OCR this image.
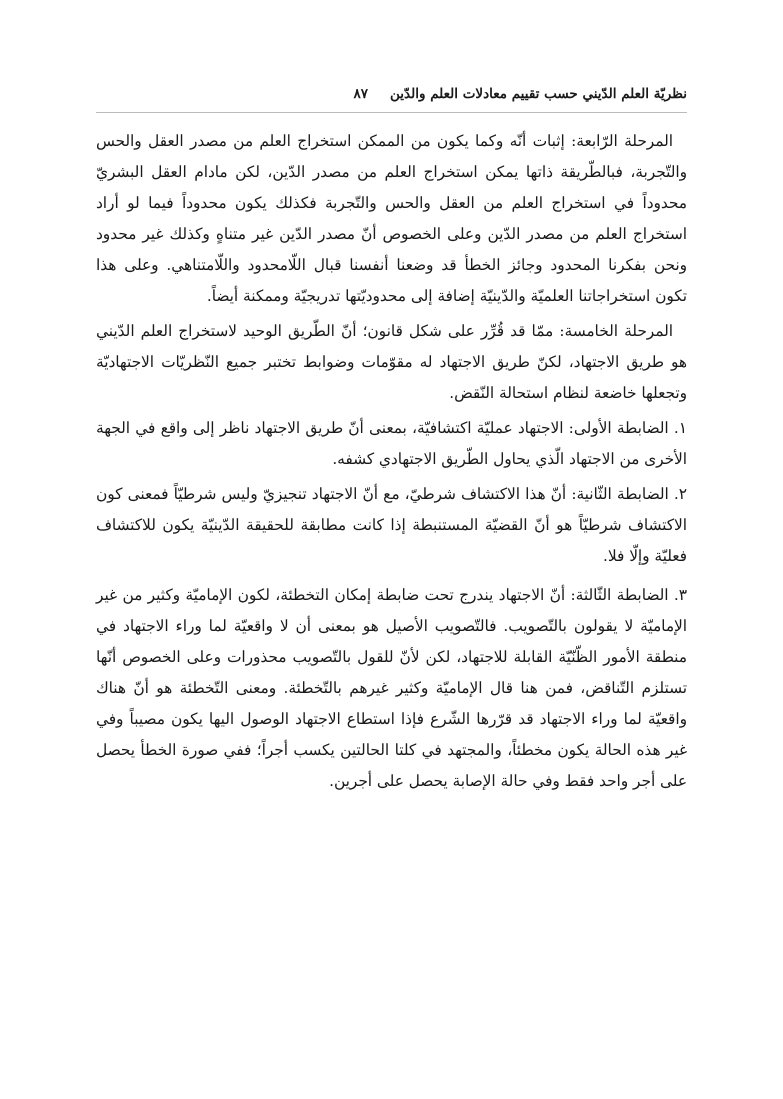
نظريّة العلم الدّيني حسب تقييم معادلات العلم والدّين
٨٧

المرحلة الرّابعة: إثبات أنّه وكما يكون من الممكن استخراج العلم من مصدر العقل والحس والتّجربة، فبالطّريقة ذاتها يمكن استخراج العلم من مصدر الدّين، لكن مادام العقل البشريّ محدوداً في استخراج العلم من العقل والحس والتّجربة فكذلك يكون محدوداً فيما لو أراد استخراج العلم من مصدر الدّين وعلى الخصوص أنّ مصدر الدّين غير متناهٍ وكذلك غير محدود ونحن بفكرنا المحدود وجائز الخطأ قد وضعنا أنفسنا قبال اللّامحدود واللّامتناهي. وعلى هذا تكون استخراجاتنا العلميّة والدّينيّة إضافة إلى محدوديّتها تدريجيّة وممكنة أيضاً.

المرحلة الخامسة: ممّا قد قُرِّر على شكل قانون؛ أنّ الطّريق الوحيد لاستخراج العلم الدّيني هو طريق الاجتهاد، لكنّ طريق الاجتهاد له مقوّمات وضوابط تختبر جميع النّظريّات الاجتهاديّة وتجعلها خاضعة لنظام استحالة النّقض.

١. الضابطة الأولى: الاجتهاد عمليّة اكتشافيّة، بمعنى أنّ طريق الاجتهاد ناظر إلى واقع في الجهة الأخرى من الاجتهاد الّذي يحاول الطّريق الاجتهادي كشفه.

٢. الضابطة الثّانية: أنّ هذا الاكتشاف شرطيّ، مع أنّ الاجتهاد تنجيزيّ وليس شرطيّاً فمعنى كون الاكتشاف شرطيّاً هو أنّ القضيّة المستنبطة إذا كانت مطابقة للحقيقة الدّينيّة يكون للاكتشاف فعليّة وإلّا فلا.

٣. الضابطة الثّالثة: أنّ الاجتهاد يندرج تحت ضابطة إمكان التخطئة، لكون الإماميّة وكثير من غير الإماميّة لا يقولون بالتّصويب. فالتّصويب الأصيل هو بمعنى أن لا واقعيّة لما وراء الاجتهاد في منطقة الأمور الظّنّيّة القابلة للاجتهاد، لكن لأنّ للقول بالتّصويب محذورات وعلى الخصوص أنّها تستلزم التّناقض، فمن هنا قال الإماميّة وكثير غيرهم بالتّخطئة. ومعنى التّخطئة هو أنّ هناك واقعيّة لما وراء الاجتهاد قد قرّرها الشّرع فإذا استطاع الاجتهاد الوصول اليها يكون مصيباً وفي غير هذه الحالة يكون مخطئاً، والمجتهد في كلتا الحالتين يكسب أجراً؛ ففي صورة الخطأ يحصل على أجر واحد فقط وفي حالة الإصابة يحصل على أجرين.
